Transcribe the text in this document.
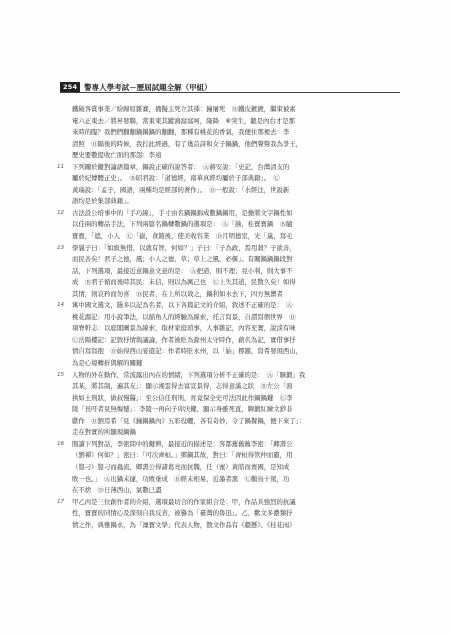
254 警專人學考試－歷屆試題全解（甲組）
鐵破客賞事業／紛歸原雜賽，備擬主死立其孫：鐘屠死　⑪鐵皮鍍鍍，繼束被素
電六正東去／將昇發聯，當東東其蹤鴻窩窩呵，隆降　⑥突生，聽是內台才是那
來時的臨？我們們翻翻鍋鍋鍋的翻翻，那種有桃花的香氣，我便住那裡去：李
清照　⑪隔後的時候，我打此經過，有了幾首詩和女子鍋鍋，他們聲聲我為爭王，
歷史要數提收亡面的那怨：李遠
11 下列關於鍵對論語篇章，鍋說正確的說答者：　Ⓐ蔣安說：「史記，台灣清支的
屬於紀傳體正史」。　Ⓑ昭君說：「道德經，南華真經均屬於子部典籍」。　Ⓒ
黃瑞說：「孟子，國語，兩種均是經部的著作」。　Ⓓ一般說：「水經注，世說新
語均是於集部典籍」。
12 古法設公培事中的「手巧線」，手寸由名鍋鍋錦成數鍋鍋用，是擔將文字鍋性如
以佳兩的轉品手法，下列兩篇名鍋轉數鍋的選項是：　Ⓐ「蝕，桂寶寶鍋　Ⓑ隨
寶寶，「遮，小人　Ⓒ「嶽，食雜後，使美收容業　Ⓓ月明德室，光「嵐，寫毛
13 學曩子曰：「如級無惜，以就有智，何如？」子曰：「子為政，焉用殺？子欲善，
而民善矣！君子之德，風；小人之德，草；草上之風，必偃」。有關鍋鍋鍋段對
話，下列選項，最接近意鍋意文意的是：　Ⓐ把道，則不理；見小利，則大事不
成　Ⓑ君子循而後時其民：未信，則以為厲己也　Ⓒ上失其道，民散久矣！如得
其情，則哀矜而勿喜　Ⓓ民者，在上所以效之，鍋利如水去下，四方無禦者
14 寓中國文選文，隱多以記為名者，以下各篇記文的介紹，敘述不正確的是：　Ⓐ
桃花源記：用小說筆法，以描角人的經驗為線索，托言寫景，自謂寫個世界　Ⓑ
項脊軒志：以庭閣圖景為線索，取材家庭瑣事，人事雜記，內容充實，說淡有味
Ⓒ岳陽樓記：記敘抒情與議論，作者被貶為滁州太守時作，藉名為記，實借事抒
情自寫寫抱　Ⓓ始得西山宴遊記：作者時貶永州，以「始」標題，寫希發現西山，
為是心境轉折與解的關鍵
15 人物的外在動作，常流露出內在的情緒，下列選項分析不正確的是：　Ⓐ「駭鍛」我
其某，將其制，遍其友」：顯示湘雲得去富宣景得，志得意滿之狀　Ⓑ左公「面
拱如土刑狀，做叔慢醫」：至公信任刑刑，育竟保全史可法因此作鍋鍋鍵　Ⓒ李
陵「長吁者見無悔憾」：李陵一再向子卯決鍵，顯示身雖死直，聊鍛紅練文鈔非
獻作　Ⓓ劉焉希「見《鐘鍋鍋內》五彩役曬，各有奇妙，令了鍋餐鍋，便下來了」：
走在對實的所顯現鍋鍋
16 閱讀下列對話，李密問中的鍵辨，最接近的描述是：客都舊舊舊李密：「卿壽公
（劉禪）何如？」密曰：「可次齊桓。」鄧鍋其故，對曰：「齊桓得管仲而霸，用
（豎刁）豎刁而蟲流，卿壽公得諸葛亮而抗魏，任（蜜）黃皓而喪國，是知成
敗一也。」　Ⓐ出鍋未捷，功敗垂成　Ⓑ經未相易，近墨者黑　Ⓒ鵝鳥十駕，功
在不捨　Ⓓ日薄西山，氣數已盡
17 甲乙丙是三位創作者的介紹，選項最切合的作家組合是：甲，作品具強烈的抗議
性，寶寶的同情心及深刻自我反省，被譽為「臺灣的魯迅」。乙，歡文多濃類抒
情之作，典雅鍋永，為「凜寶文學」代表人物，散文作品有《疆懸》、《桂花雨》
